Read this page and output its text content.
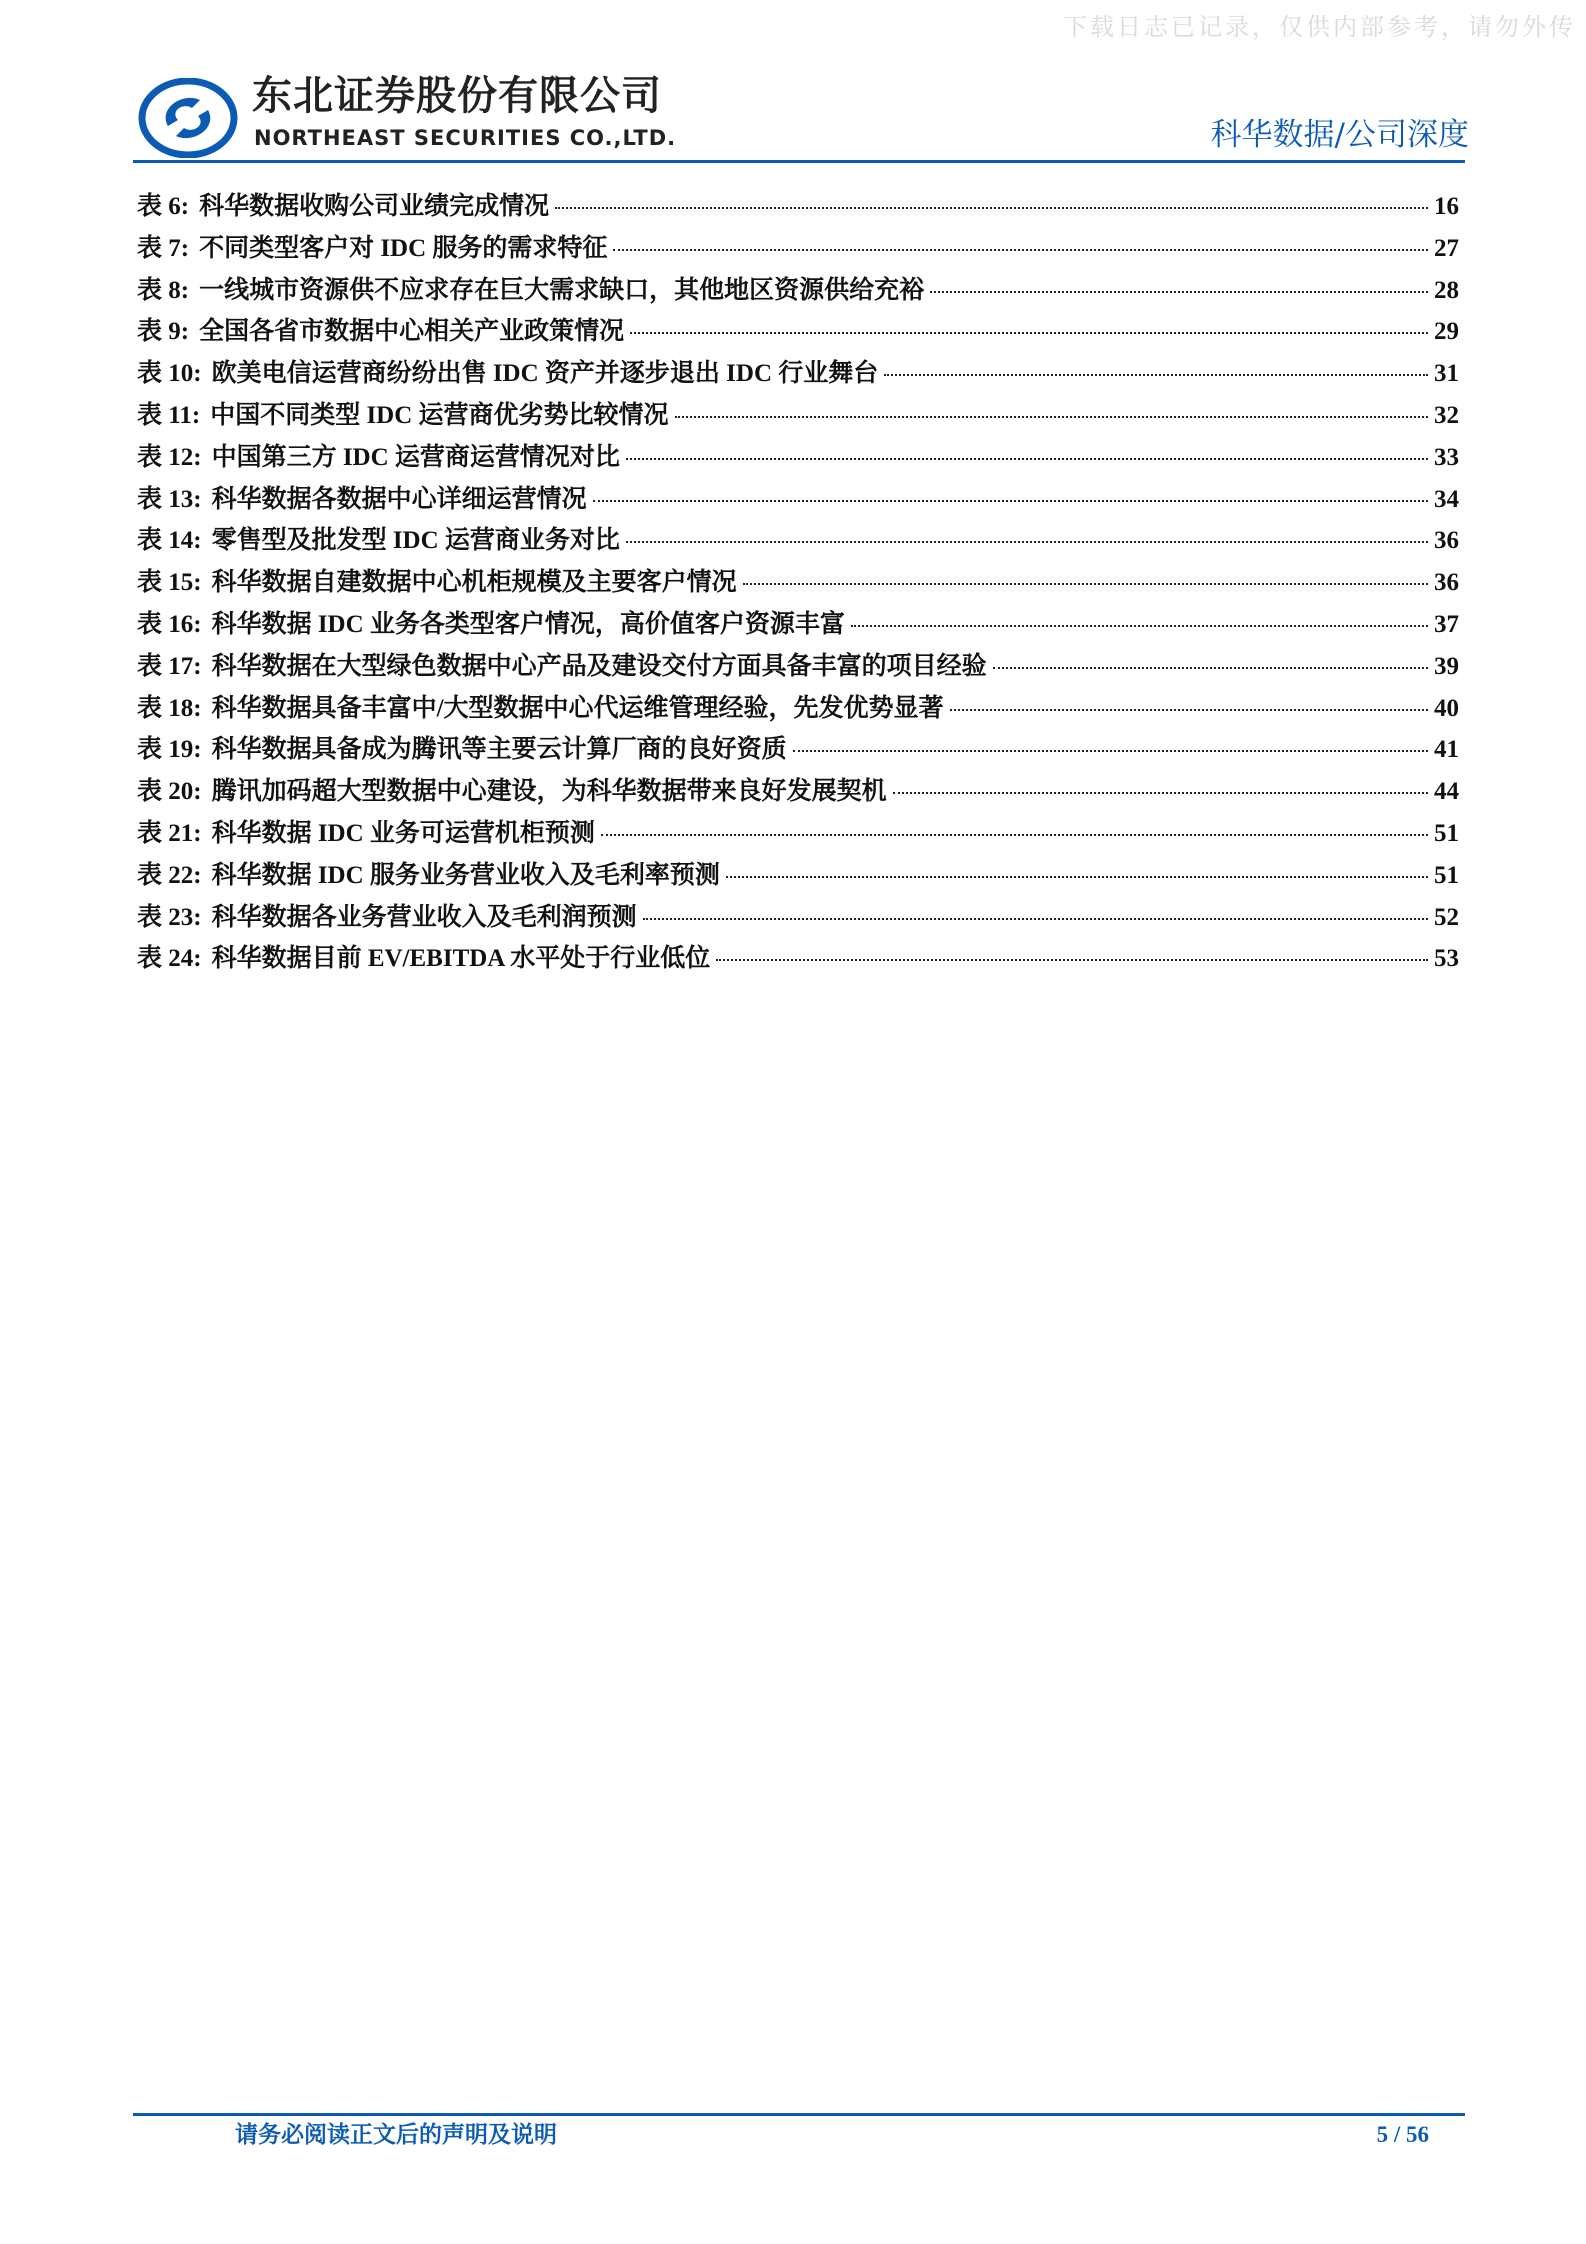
下载日志已记录，仅供内部参考，请勿外传
东北证券股份有限公司
NORTHEAST SECURITIES CO.,LTD.	科华数据/公司深度
表 6: 科华数据收购公司业绩完成情况	16
表 7: 不同类型客户对 IDC 服务的需求特征	27
表 8: 一线城市资源供不应求存在巨大需求缺口，其他地区资源供给充裕	28
表 9: 全国各省市数据中心相关产业政策情况	29
表 10: 欧美电信运营商纷纷出售 IDC 资产并逐步退出 IDC 行业舞台	31
表 11: 中国不同类型 IDC 运营商优劣势比较情况	32
表 12: 中国第三方 IDC 运营商运营情况对比	33
表 13: 科华数据各数据中心详细运营情况	34
表 14: 零售型及批发型 IDC 运营商业务对比	36
表 15: 科华数据自建数据中心机柜规模及主要客户情况	36
表 16: 科华数据 IDC 业务各类型客户情况，高价值客户资源丰富	37
表 17: 科华数据在大型绿色数据中心产品及建设交付方面具备丰富的项目经验	39
表 18: 科华数据具备丰富中/大型数据中心代运维管理经验，先发优势显著	40
表 19: 科华数据具备成为腾讯等主要云计算厂商的良好资质	41
表 20: 腾讯加码超大型数据中心建设，为科华数据带来良好发展契机	44
表 21: 科华数据 IDC 业务可运营机柜预测	51
表 22: 科华数据 IDC 服务业务营业收入及毛利率预测	51
表 23: 科华数据各业务营业收入及毛利润预测	52
表 24: 科华数据目前 EV/EBITDA 水平处于行业低位	53
请务必阅读正文后的声明及说明	5 / 56
